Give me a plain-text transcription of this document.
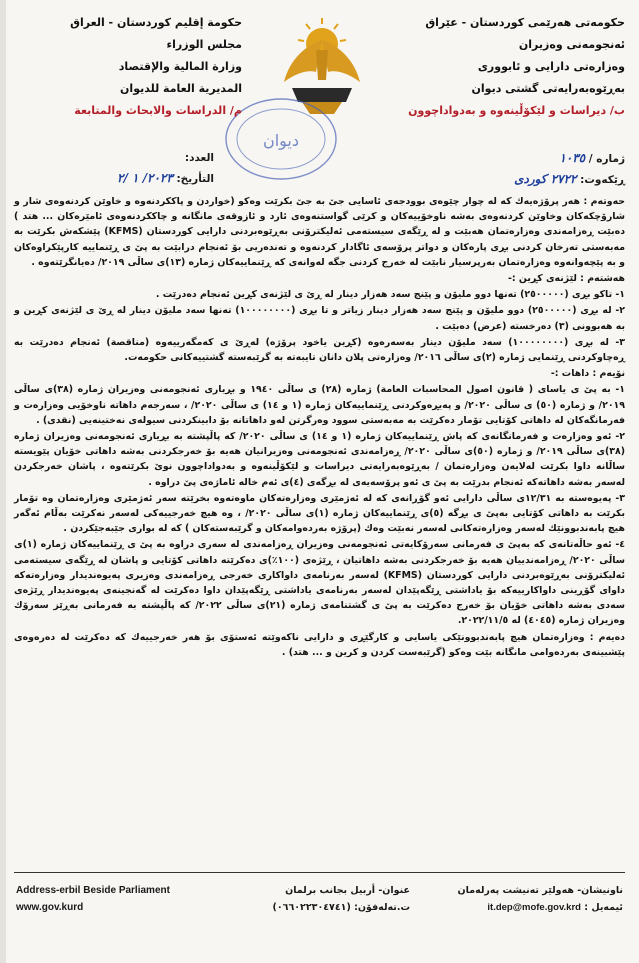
حکومەتی هەرێمی کوردستان - عێراق
ئەنجومەنی وەزیران
وەزارەتی دارایی و ئابووری
بەڕێوەبەرایەتی گشتی دیوان
ب/ دیراسات و لێکۆڵینەوە و بەدواداچوون
دیوان
حكومة إقليم كوردستان - العراق
مجلس الوزراء
وزارة المالية والإقتصاد
المديرية العامة للديوان
م/ الدراسات والابحاث والمتابعة
ژمارە / ١٠٣٥
ڕێکەوت: ٢٧٢٢ کوردی
العدد:
التأريخ: ٢٠٢٣/ ١ /٢

حەوتەم : هەر پرۆژەیەك كە لە چوار چێوەی بوودجەی ئاسایی جێ بە جێ بكرێت وەكو (خواردن و پاككردنەوە و خاوێن كردنەوەی شار و شارۆچكەكان وخاوێن كردنەوەی بەشە ناوخۆییەكان و كرێی گواستنەوەی ئارد و ئازوقەی مانگانە و چاككردنەوەی ئامێرەكان ... هتد ) دەبێت ڕەزامەندی وەزارەتمان هەبێت و لە ڕێگەی سیستەمی ئەلیكترۆنی بەڕێوەبردنی دارایی كوردستان (KFMS) پێشكەش بكرێت بە مەبەستی تەرخان كردنی بڕی پارەكان و دواتر پرۆسەی ئاگادار كردنەوە و تەندەریی بۆ ئەنجام درابێت بە پێ ی ڕێنماییە كارپێكراوەكان و بە پێچەوانەوە وەزارەتمان بەرپرسیار نابێت لە خەرج كردنی جگە لەوانەی كە ڕێنماییەكان ژمارە (١٣)ی ساڵی ٢٠١٩/ دەیانگرێتەوە .

هەشتەم : لێژنەی كڕین :-

١- تاكو بڕی (٢٥٠٠٠٠٠) تەنها دوو ملیۆن و پێنج سەد هەزار دینار لە ڕێ ی لێژنەی كڕین ئەنجام دەدرێت .

٢- لە بڕی (٢٥٠٠٠٠٠) دوو ملیۆن و پێنج سەد هەزار دینار زیاتر و تا بڕی (١٠٠٠٠٠٠٠٠) تەنها سەد ملیۆن دینار لە ڕێ ی لێژنەی كڕین و بە هەبوونی (٣) دەرخستە (عرض) دەبێت .

٣- لە بڕی (١٠٠٠٠٠٠٠٠) سەد ملیۆن دینار بەسەرەوە (كڕین یاخود پرۆژە) لەڕێ ی كەمگەرییەوە (مناقصة) ئەنجام دەدرێت بە ڕەچاوكردنی ڕێنمایی ژمارە (٢)ی ساڵی ٢٠١٦/ وەزارەتی پلان دانان تایبەتە بە گرێبەستە گشتییەكانی حكومەت.

نۆیەم : داهات :-

١- بە پێ ی یاسای ( قانون اصول المحاسبات العامة) ژمارە (٢٨) ی ساڵی ١٩٤٠ و بڕیاری ئەنجومەنی وەزیران ژمارە (٣٨)ی ساڵی ٢٠١٩/ و ژمارە (٥٠) ی ساڵی ٢٠٢٠/ و پەیڕەوكردنی ڕێنماییەكان ژمارە (١ و ١٤) ی ساڵی ٢٠٢٠/ ، سەرجەم داهاتە ناوخۆیی وەزارەت و فەرمانگەكان لە داهاتی كۆتایی تۆمار دەكرێت بە مەبەستی سوود وەرگرتن لەو داهاتانە بۆ دابینكردنی سیولەی نەختینەیی (نقدی) .

٢- ئەو وەزارەت و فەرمانگانەی كە پاش ڕێنماییەكان ژمارە (١ و ١٤) ی ساڵی ٢٠٢٠/ كە پاڵپشتە بە بڕیاری ئەنجومەنی وەزیران ژمارە (٣٨)ی ساڵی ٢٠١٩/ و ژمارە (٥٠)ی ساڵی ٢٠٢٠/ ڕەزامەندی ئەنجومەنی وەزیرانیان هەیە بۆ خەرجكردنی بەشە داهاتی خۆیان پێویستە ساڵانە داوا بكرێت لەلایەن وەزارەتمان / بەڕێوەبەرایەتی دیراسات و لێكۆڵینەوە و بەدواداچوون نوێ بكرێتەوە ، پاشان خەرجكردن لەسەر بەشە داهاتەكە ئەنجام بدرێت بە پێ ی ئەو پرۆسەیەی لە بڕگەی (٤)ی ئەم خالە ئاماژەی پێ دراوە .

٣- پەیوەستە بە ١٢/٣١ی ساڵی دارایی ئەو گۆڕانەی كە لە ئەژمێری وەزارەتەكان ماوەتەوە بخرێتە سەر ئەژمێری وەزارەتمان وە تۆمار بكرێت بە داهاتی كۆتایی بەپێ ی بڕگە (٥)ی ڕێنماییەكان ژمارە (١)ی ساڵی ٢٠٢٠/ ، وە هیچ خەرجییەكی لەسەر نەكرێت بەڵام ئەگەر هیچ پابەندبوونێك لەسەر وەزارەتەكانی لەسەر نەبێت وەك (پرۆژە بەردەوامەكان و گرێبەستەكان ) كە لە بواری جێبەجێكردن .

٤- ئەو حاڵەتانەی كە بەپێ ی فەرمانی سەرۆكایەتی ئەنجومەنی وەزیران ڕەزامەندی لە سەری دراوە بە پێ ی ڕێنماییەكان ژمارە (١)ی ساڵی ٢٠٢٠/ ڕەزامەندییان هەیە بۆ خەرجكردنی بەشە داهاتیان ، ڕێژەی (١٠٠٪)ی دەكرێتە داهاتی كۆتایی و پاشان لە ڕێگەی سیستەمی ئەلیكترۆنی بەڕێوەبردنی دارایی كوردستان (KFMS) لەسەر بەرنامەی داواكاری خەرجی ڕەزامەندی وەزیری پەیوەندیدار وەزارەتەكە داوای گۆڕینی داواكارییەكە بۆ یاداشتی ڕێگەپێدان لەسەر بەرنامەی یاداشتی ڕێگەپێدان داوا دەكرێت لە گەنجینەی پەیوەندیدار ڕێژەی سەدی بەشە داهاتی خۆیان بۆ خەرج دەكرێت بە پێ ی گشتنامەی ژمارە (٢١)ی ساڵی ٢٠٢٢/ كە پاڵپشتە بە فەرمانی بەڕێز سەرۆك وەزیران ژمارە (٤٠٤٥) لە ٢٠٢٢/١١/٥.

دەیەم : وەزارەتمان هیچ پابەندبوونێكی یاسایی و كارگێڕی و دارایی ناكەوێتە ئەستۆی بۆ هەر خەرجییەك كە دەكرێت لە دەرەوەی پێشبینەی بەردەوامی مانگانە بێت وەكو (گرێبەست كردن و كرین و ... هتد) .

Address-erbil Beside Parliament
www.gov.kurd
عنوان- أربيل بجانب برلمان
ت.تەلەفۆن: (٠٦٦٠٢٢٣٠٤٧٤١)
ناونیشان- هەولێر تەنیشت پەرلەمان
ئیمەیل : it.dep@mofe.gov.krd
